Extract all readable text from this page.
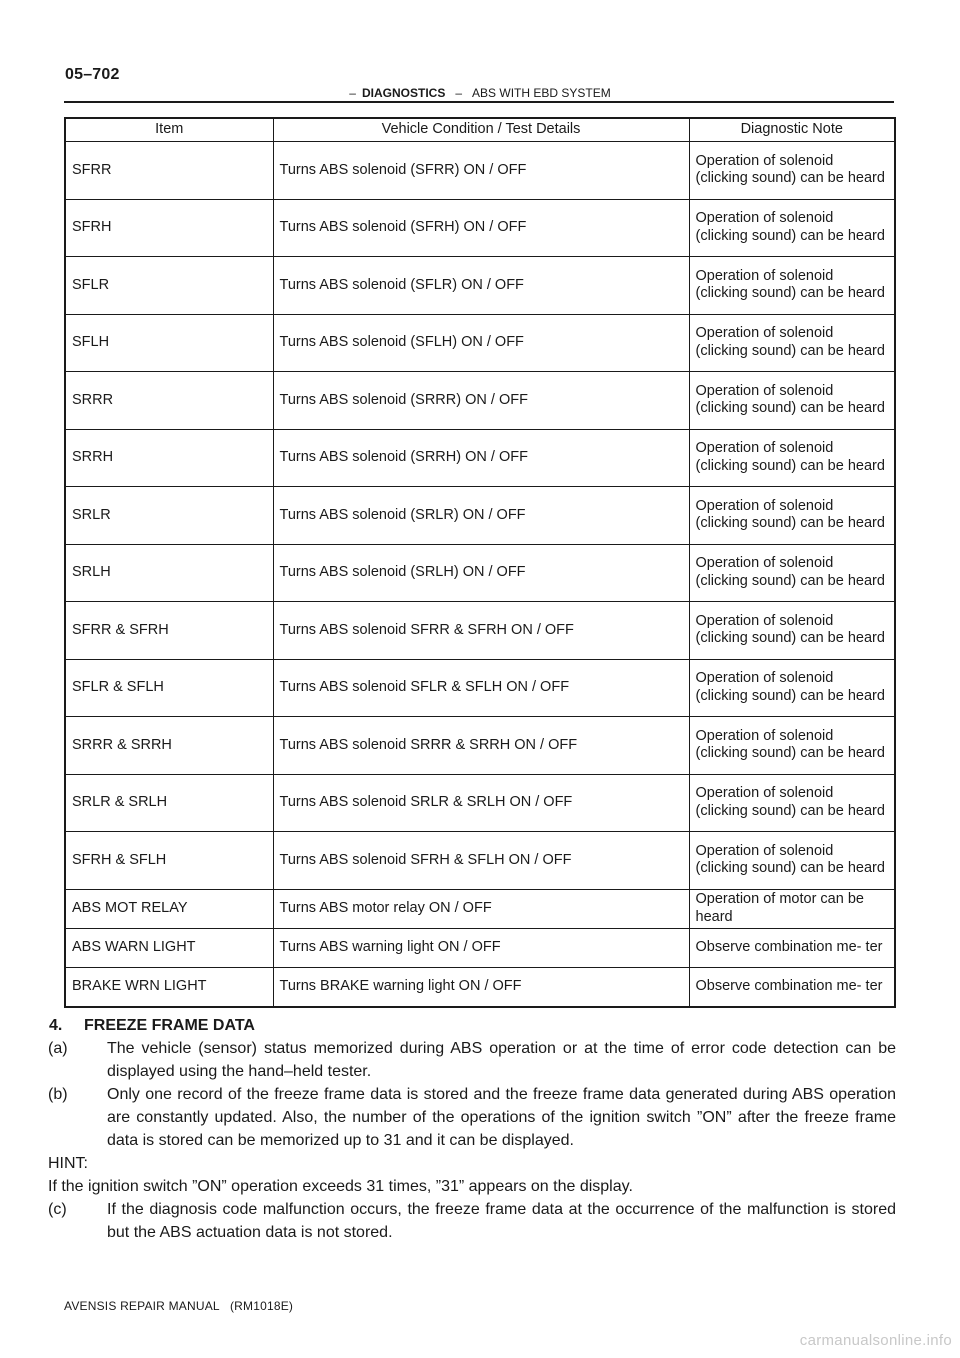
05–702
– DIAGNOSTICS – ABS WITH EBD SYSTEM
Item	Vehicle Condition / Test Details	Diagnostic Note
SFRR	Turns ABS solenoid (SFRR) ON / OFF	Operation of solenoid (clicking sound) can be heard
SFRH	Turns ABS solenoid (SFRH) ON / OFF	Operation of solenoid (clicking sound) can be heard
SFLR	Turns ABS solenoid (SFLR) ON / OFF	Operation of solenoid (clicking sound) can be heard
SFLH	Turns ABS solenoid (SFLH) ON / OFF	Operation of solenoid (clicking sound) can be heard
SRRR	Turns ABS solenoid (SRRR) ON / OFF	Operation of solenoid (clicking sound) can be heard
SRRH	Turns ABS solenoid (SRRH) ON / OFF	Operation of solenoid (clicking sound) can be heard
SRLR	Turns ABS solenoid (SRLR) ON / OFF	Operation of solenoid (clicking sound) can be heard
SRLH	Turns ABS solenoid (SRLH) ON / OFF	Operation of solenoid (clicking sound) can be heard
SFRR & SFRH	Turns ABS solenoid SFRR & SFRH ON / OFF	Operation of solenoid (clicking sound) can be heard
SFLR & SFLH	Turns ABS solenoid SFLR & SFLH ON / OFF	Operation of solenoid (clicking sound) can be heard
SRRR & SRRH	Turns ABS solenoid SRRR & SRRH ON / OFF	Operation of solenoid (clicking sound) can be heard
SRLR & SRLH	Turns ABS solenoid SRLR & SRLH ON / OFF	Operation of solenoid (clicking sound) can be heard
SFRH & SFLH	Turns ABS solenoid SFRH & SFLH ON / OFF	Operation of solenoid (clicking sound) can be heard
ABS MOT RELAY	Turns ABS motor relay ON / OFF	Operation of motor can be heard
ABS WARN LIGHT	Turns ABS warning light ON / OFF	Observe combination me- ter
BRAKE WRN LIGHT	Turns BRAKE warning light ON / OFF	Observe combination me- ter
4. FREEZE FRAME DATA
(a)	The vehicle (sensor) status memorized during ABS operation or at the time of error code detection can be displayed using the hand–held tester.
(b)	Only one record of the freeze frame data is stored and the freeze frame data generated during ABS operation are constantly updated. Also, the number of the operations of the ignition switch ”ON” after the freeze frame data is stored can be memorized up to 31 and it can be displayed.
HINT:
If the ignition switch ”ON” operation exceeds 31 times, ”31” appears on the display.
(c)	If the diagnosis code malfunction occurs, the freeze frame data at the occurrence of the malfunction is stored but the ABS actuation data is not stored.
AVENSIS REPAIR MANUAL   (RM1018E)
carmanualsonline.info
